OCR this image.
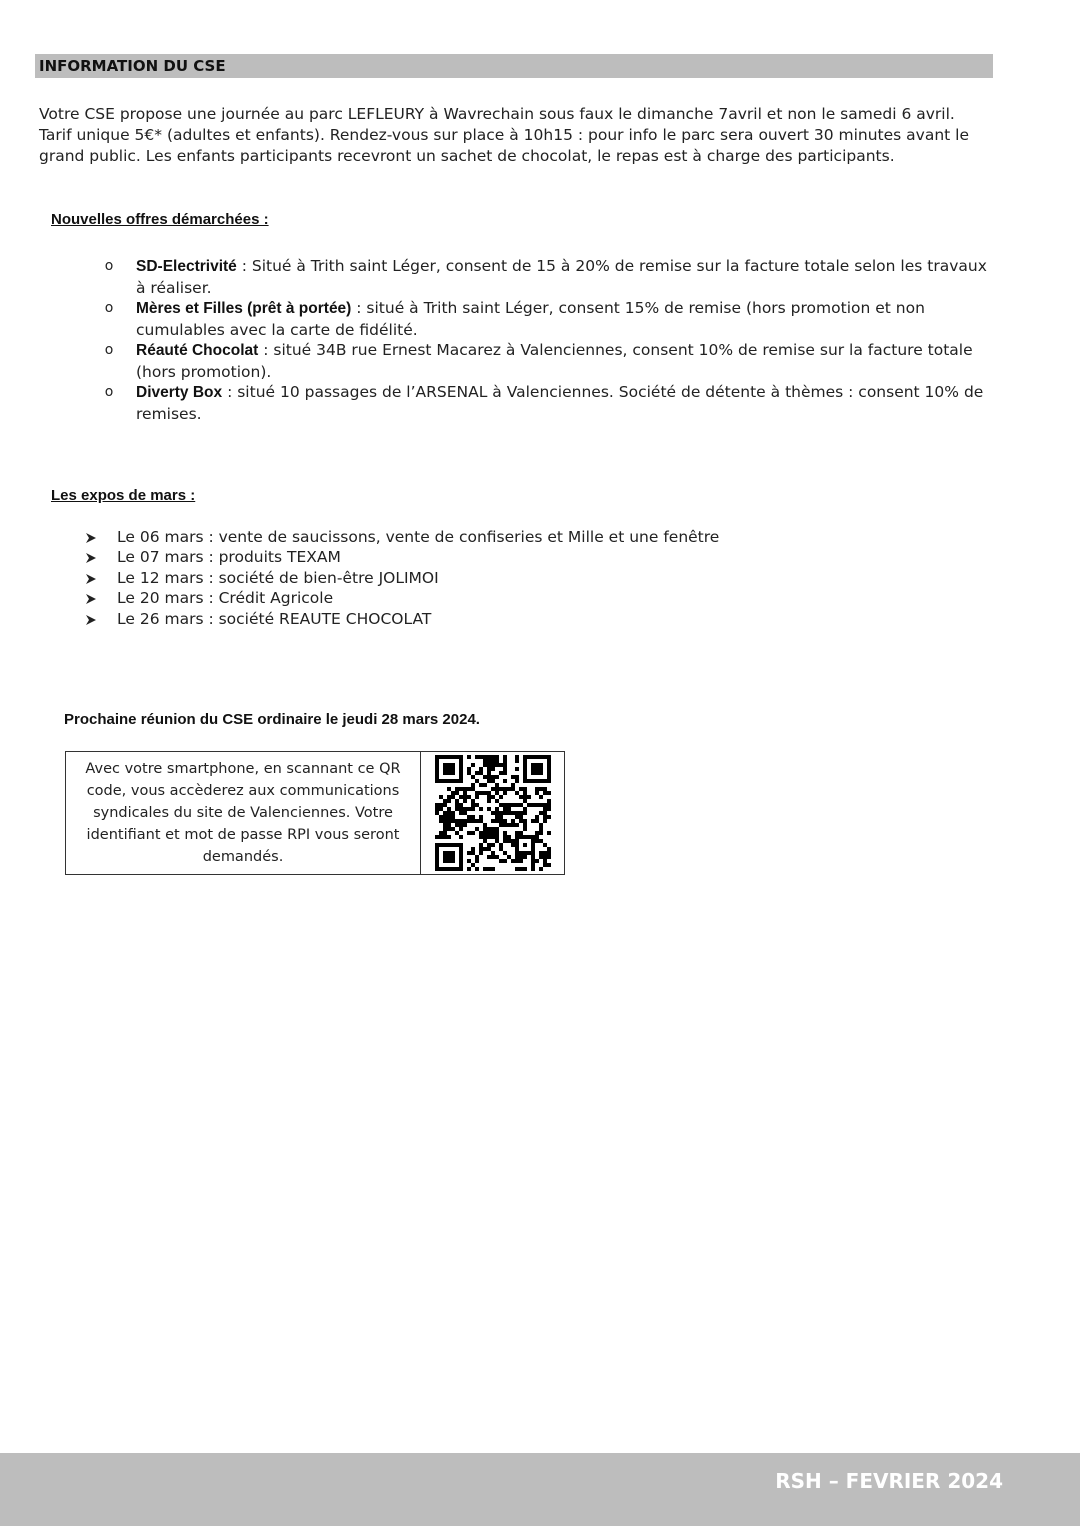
INFORMATION DU CSE

Votre CSE propose une journée au parc LEFLEURY à Wavrechain sous faux le dimanche 7avril et non le samedi 6 avril. Tarif unique 5€* (adultes et enfants). Rendez-vous sur place à 10h15 : pour info le parc sera ouvert 30 minutes avant le grand public. Les enfants participants recevront un sachet de chocolat, le repas est à charge des participants.

Nouvelles offres démarchées :

o SD-Electrivité : Situé à Trith saint Léger, consent de 15 à 20% de remise sur la facture totale selon les travaux à réaliser.
o Mères et Filles (prêt à portée) : situé à Trith saint Léger, consent 15% de remise (hors promotion et non cumulables avec la carte de fidélité.
o Réauté Chocolat : situé 34B rue Ernest Macarez à Valenciennes, consent 10% de remise sur la facture totale (hors promotion).
o Diverty Box : situé 10 passages de l’ARSENAL à Valenciennes. Société de détente à thèmes : consent 10% de remises.

Les expos de mars :

Le 06 mars : vente de saucissons, vente de confiseries et Mille et une fenêtre
Le 07 mars : produits TEXAM
Le 12 mars : société de bien-être JOLIMOI
Le 20 mars : Crédit Agricole
Le 26 mars : société REAUTE CHOCOLAT

Prochaine réunion du CSE ordinaire le jeudi 28 mars 2024.

Avec votre smartphone, en scannant ce QR code, vous accèderez aux communications syndicales du site de Valenciennes. Votre identifiant et mot de passe RPI vous seront demandés.
RSH – FEVRIER 2024
